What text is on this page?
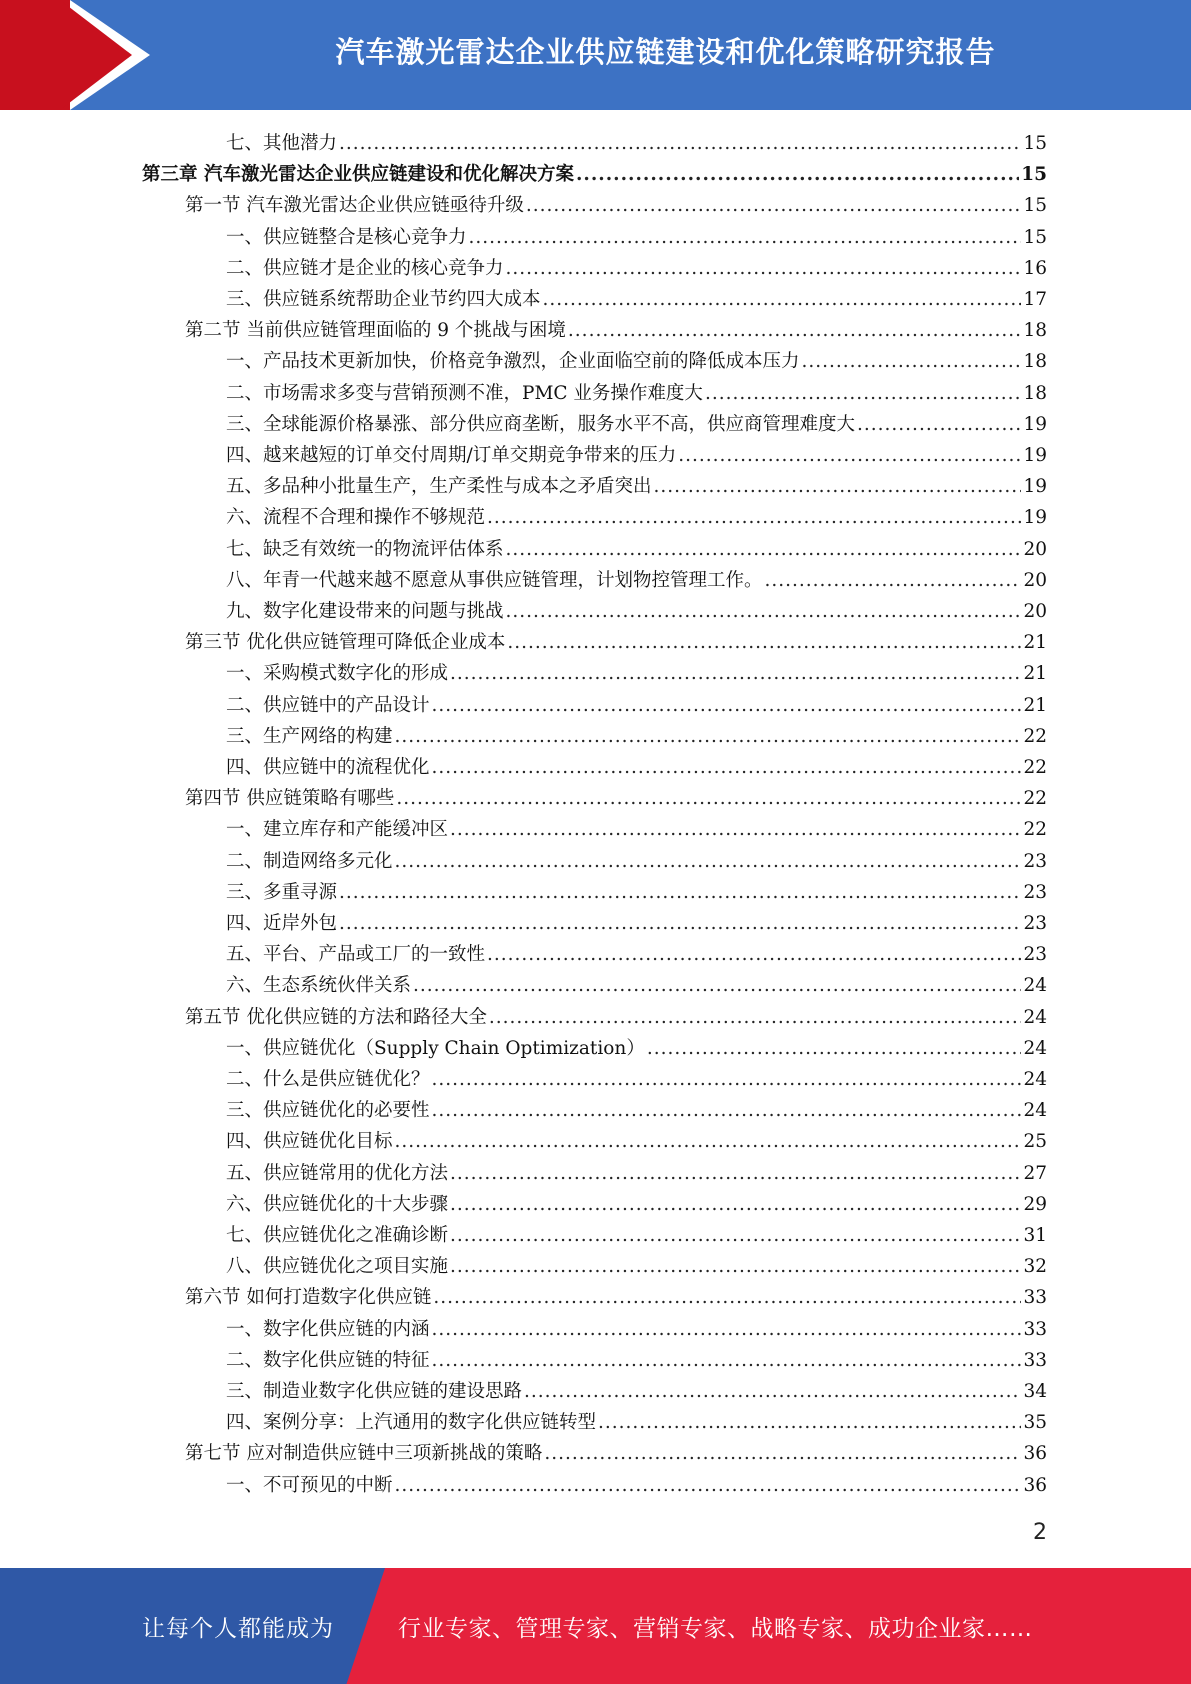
汽车激光雷达企业供应链建设和优化策略研究报告
七、其他潜力 .....	15
第三章 汽车激光雷达企业供应链建设和优化解决方案 .....	15
第一节 汽车激光雷达企业供应链亟待升级 .....	15
一、供应链整合是核心竞争力 .....	15
二、供应链才是企业的核心竞争力 .....	16
三、供应链系统帮助企业节约四大成本 .....	17
第二节 当前供应链管理面临的 9 个挑战与困境 .....	18
一、产品技术更新加快，价格竞争激烈，企业面临空前的降低成本压力 .....	18
二、市场需求多变与营销预测不准，PMC 业务操作难度大 .....	18
三、全球能源价格暴涨、部分供应商垄断，服务水平不高，供应商管理难度大 .....	19
四、越来越短的订单交付周期/订单交期竞争带来的压力 .....	19
五、多品种小批量生产，生产柔性与成本之矛盾突出 .....	19
六、流程不合理和操作不够规范 .....	19
七、缺乏有效统一的物流评估体系 .....	20
八、年青一代越来越不愿意从事供应链管理，计划物控管理工作。 .....	20
九、数字化建设带来的问题与挑战 .....	20
第三节 优化供应链管理可降低企业成本 .....	21
一、采购模式数字化的形成 .....	21
二、供应链中的产品设计 .....	21
三、生产网络的构建 .....	22
四、供应链中的流程优化 .....	22
第四节 供应链策略有哪些 .....	22
一、建立库存和产能缓冲区 .....	22
二、制造网络多元化 .....	23
三、多重寻源 .....	23
四、近岸外包 .....	23
五、平台、产品或工厂的一致性 .....	23
六、生态系统伙伴关系 .....	24
第五节 优化供应链的方法和路径大全 .....	24
一、供应链优化（Supply Chain Optimization） .....	24
二、什么是供应链优化？ .....	24
三、供应链优化的必要性 .....	24
四、供应链优化目标 .....	25
五、供应链常用的优化方法 .....	27
六、供应链优化的十大步骤 .....	29
七、供应链优化之准确诊断 .....	31
八、供应链优化之项目实施 .....	32
第六节 如何打造数字化供应链 .....	33
一、数字化供应链的内涵 .....	33
二、数字化供应链的特征 .....	33
三、制造业数字化供应链的建设思路 .....	34
四、案例分享：上汽通用的数字化供应链转型 .....	35
第七节 应对制造供应链中三项新挑战的策略 .....	36
一、不可预见的中断 .....	36
2
让每个人都能成为	行业专家、管理专家、营销专家、战略专家、成功企业家……
